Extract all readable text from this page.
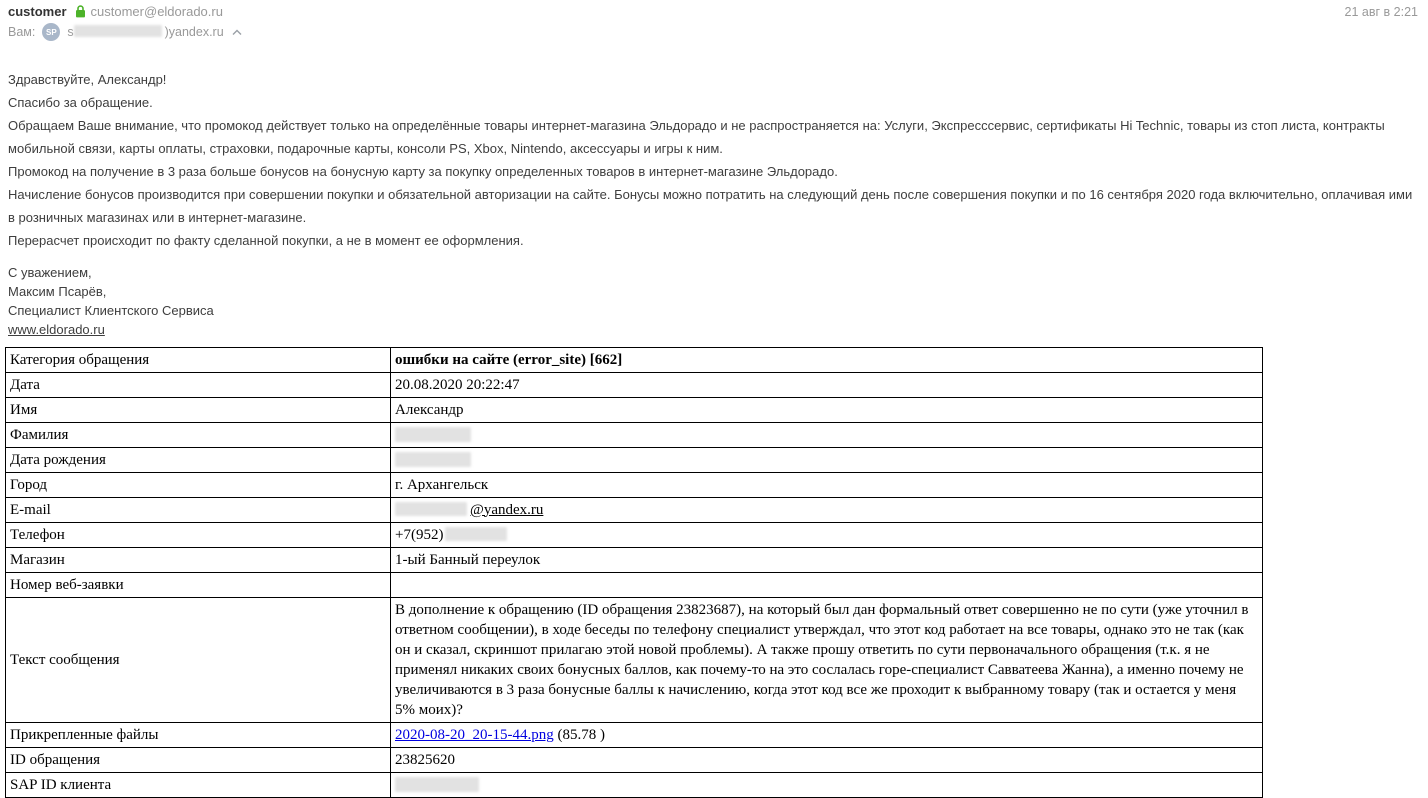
customer customer@eldorado.ru	21 авг в 2:21
Вам:	SP s	)yandex.ru
Здравствуйте, Александр!
Спасибо за обращение.
Обращаем Ваше внимание, что промокод действует только на определённые товары интернет-магазина Эльдорадо и не распространяется на: Услуги, Экспресссервис, сертификаты Hi Technic, товары из стоп листа, контракты мобильной связи, карты оплаты, страховки, подарочные карты, консоли PS, Xbox, Nintendo, аксессуары и игры к ним.
Промокод на получение в 3 раза больше бонусов на бонусную карту за покупку определенных товаров в интернет-магазине Эльдорадо.
Начисление бонусов производится при совершении покупки и обязательной авторизации на сайте. Бонусы можно потратить на следующий день после совершения покупки и по 16 сентября 2020 года включительно, оплачивая ими в розничных магазинах или в интернет-магазине.
Перерасчет происходит по факту сделанной покупки, а не в момент ее оформления.
С уважением,
Максим Псарёв,
Специалист Клиентского Сервиса
www.eldorado.ru
Категория обращения	ошибки на сайте (error_site) [662]
Дата	20.08.2020 20:22:47
Имя	Александр
Фамилия	
Дата рождения	
Город	г. Архангельск
E-mail	@yandex.ru
Телефон	+7(952)
Магазин	1-ый Банный переулок
Номер веб-заявки	
Текст сообщения	В дополнение к обращению (ID обращения 23823687), на который был дан формальный ответ совершенно не по сути (уже уточнил в ответном сообщении), в ходе беседы по телефону специалист утверждал, что этот код работает на все товары, однако это не так (как он и сказал, скриншот прилагаю этой новой проблемы). А также прошу ответить по сути первоначального обращения (т.к. я не применял никаких своих бонусных баллов, как почему-то на это сослалась горе-специалист Савватеева Жанна), а именно почему не увеличиваются в 3 раза бонусные баллы к начислению, когда этот код все же проходит к выбранному товару (так и остается у меня 5% моих)?
Прикрепленные файлы	2020-08-20_20-15-44.png (85.78 )
ID обращения	23825620
SAP ID клиента	
